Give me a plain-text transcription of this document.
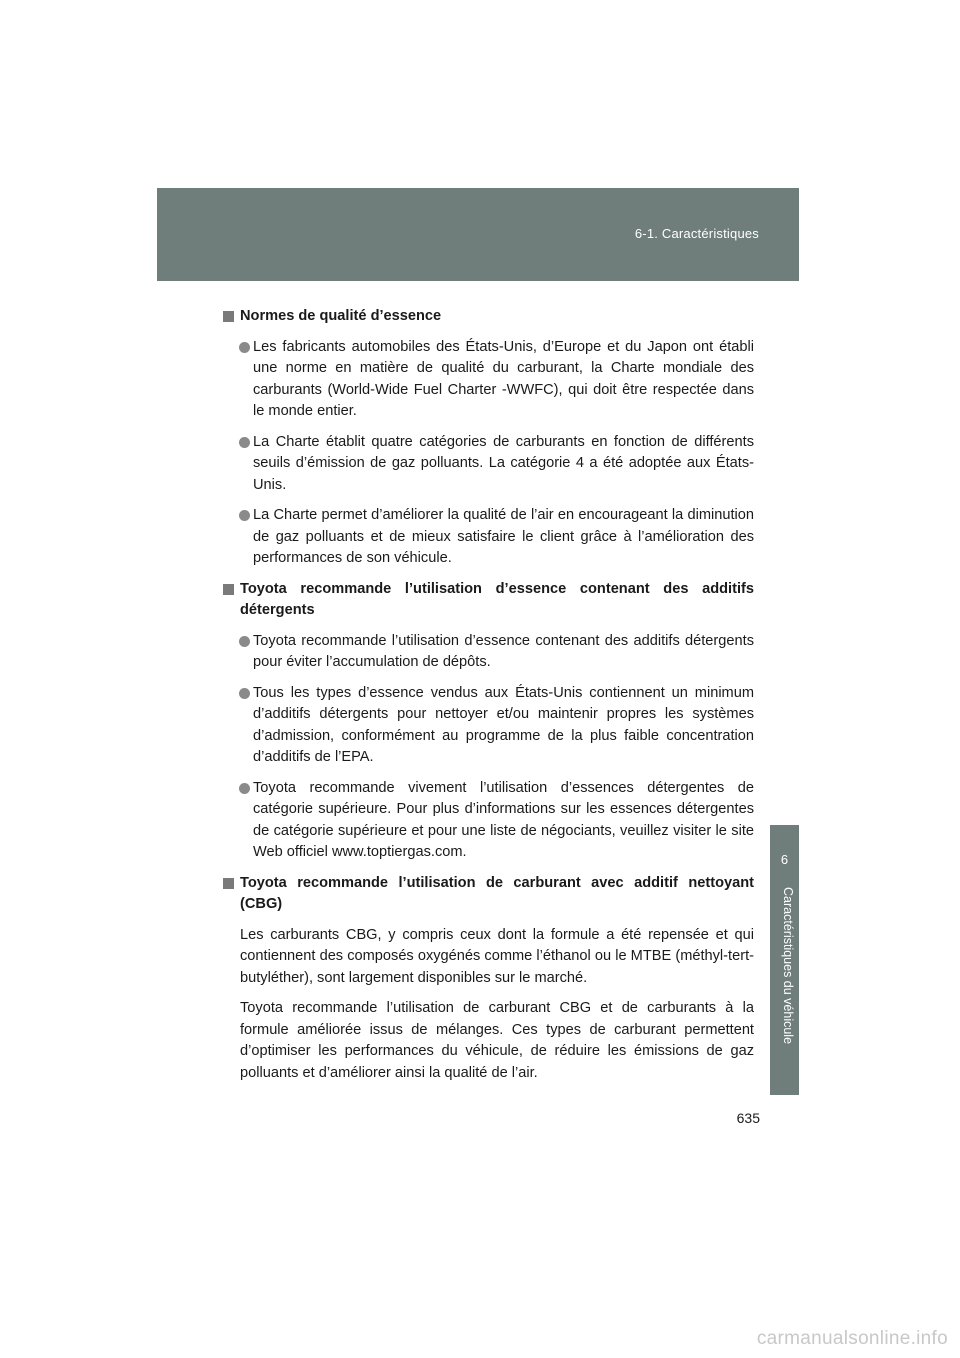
6-1. Caractéristiques
6
Caractéristiques du véhicule
Normes de qualité d’essence
Les fabricants automobiles des États-Unis, d’Europe et du Japon ont établi une norme en matière de qualité du carburant, la Charte mondiale des carburants (World-Wide Fuel Charter -WWFC), qui doit être respectée dans le monde entier.
La Charte établit quatre catégories de carburants en fonction de différents seuils d’émission de gaz polluants. La catégorie 4 a été adoptée aux États-Unis.
La Charte permet d’améliorer la qualité de l’air en encourageant la diminution de gaz polluants et de mieux satisfaire le client grâce à l’amélioration des performances de son véhicule.
Toyota recommande l’utilisation d’essence contenant des additifs détergents
Toyota recommande l’utilisation d’essence contenant des additifs détergents pour éviter l’accumulation de dépôts.
Tous les types d’essence vendus aux États-Unis contiennent un minimum d’additifs détergents pour nettoyer et/ou maintenir propres les systèmes d’admission, conformément au programme de la plus faible concentration d’additifs de l’EPA.
Toyota recommande vivement l’utilisation d’essences détergentes de catégorie supérieure. Pour plus d’informations sur les essences détergentes de catégorie supérieure et pour une liste de négociants, veuillez visiter le site Web officiel www.toptiergas.com.
Toyota recommande l’utilisation de carburant avec additif nettoyant (CBG)

Les carburants CBG, y compris ceux dont la formule a été repensée et qui contiennent des composés oxygénés comme l’éthanol ou le MTBE (méthyl-tert-butyléther), sont largement disponibles sur le marché.

Toyota recommande l’utilisation de carburant CBG et de carburants à la formule améliorée issus de mélanges. Ces types de carburant permettent d’optimiser les performances du véhicule, de réduire les émissions de gaz polluants et d’améliorer ainsi la qualité de l’air.

635
carmanualsonline.info
